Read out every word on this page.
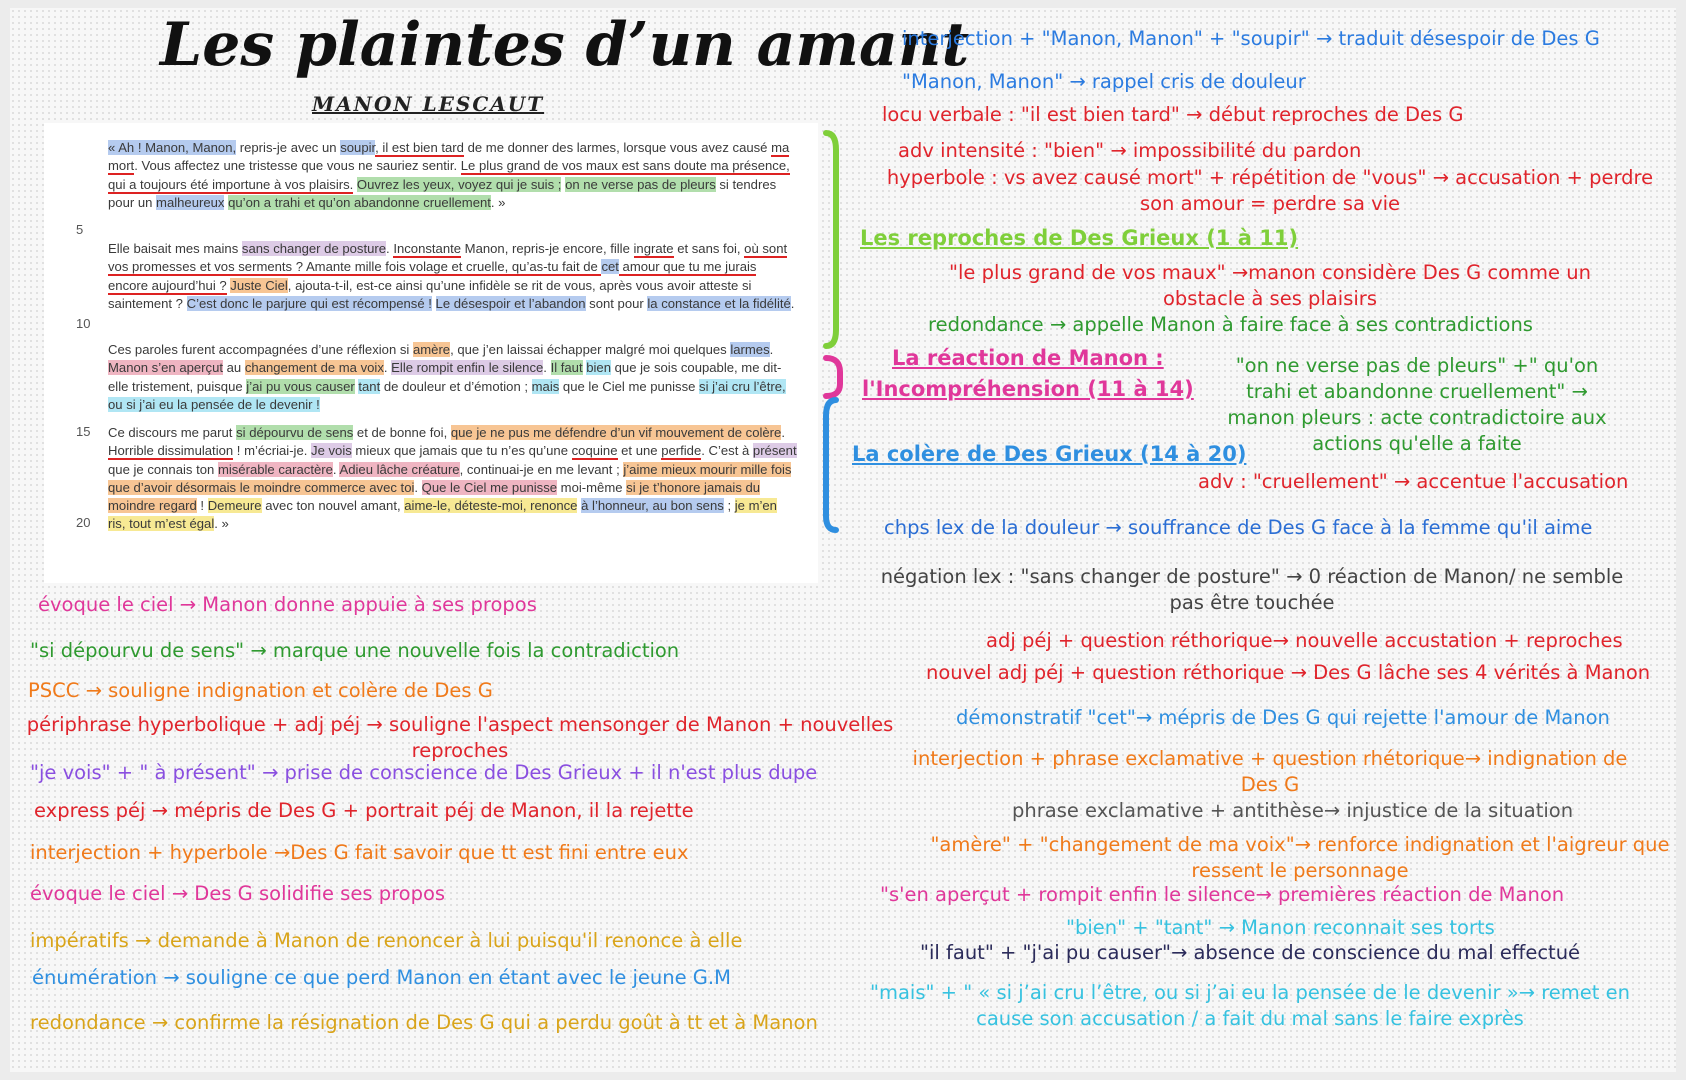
Les plaintes d’un amant
MANON LESCAUT

« Ah ! Manon, Manon, repris-je avec un soupir, il est bien tard de me donner des larmes, lorsque vous avez causé ma mort. Vous affectez une tristesse que vous ne sauriez sentir. Le plus grand de vos maux est sans doute ma présence, qui a toujours été importune à vos plaisirs. Ouvrez les yeux, voyez qui je suis ; on ne verse pas de pleurs si tendres pour un malheureux qu’on a trahi et qu’on abandonne cruellement. »

Elle baisait mes mains sans changer de posture. Inconstante Manon, repris-je encore, fille ingrate et sans foi, où sont vos promesses et vos serments ? Amante mille fois volage et cruelle, qu’as-tu fait de cet amour que tu me jurais encore aujourd’hui ? Juste Ciel, ajouta-t-il, est-ce ainsi qu’une infidèle se rit de vous, après vous avoir atteste si saintement ? C’est donc le parjure qui est récompensé ! Le désespoir et l’abandon sont pour la constance et la fidélité.

Ces paroles furent accompagnées d’une réflexion si amère, que j’en laissai échapper malgré moi quelques larmes. Manon s’en aperçut au changement de ma voix. Elle rompit enfin le silence. Il faut bien que je sois coupable, me dit-elle tristement, puisque j’ai pu vous causer tant de douleur et d’émotion ; mais que le Ciel me punisse si j’ai cru l’être, ou si j’ai eu la pensée de le devenir !

Ce discours me parut si dépourvu de sens et de bonne foi, que je ne pus me défendre d’un vif mouvement de colère. Horrible dissimulation ! m’écriai-je. Je vois mieux que jamais que tu n’es qu’une coquine et une perfide. C’est à présent que je connais ton misérable caractère. Adieu lâche créature, continuai-je en me levant ; j’aime mieux mourir mille fois que d’avoir désormais le moindre commerce avec toi. Que le Ciel me punisse moi-même si je t’honore jamais du moindre regard ! Demeure avec ton nouvel amant, aime-le, déteste-moi, renonce à l’honneur, au bon sens ; je m’en ris, tout m’est égal. »

5
10
15
20

interjection + "Manon, Manon" + "soupir" → traduit désespoir de Des G

"Manon, Manon" → rappel cris de douleur

locu verbale : "il est bien tard" → début reproches de Des G

adv intensité : "bien" → impossibilité du pardon

hyperbole : vs avez causé mort" + répétition de "vous" → accusation + perdre son amour = perdre sa vie

Les reproches de Des Grieux (1 à 11)

"le plus grand de vos maux" →manon considère Des G comme un obstacle à ses plaisirs

redondance → appelle Manon à faire face à ses contradictions

La réaction de Manon :

l'Incompréhension (11 à 14)

"on ne verse pas de pleurs" +" qu'on trahi et abandonne cruellement" → manon pleurs : acte contradictoire aux actions qu'elle a faite

La colère de Des Grieux (14 à 20)

adv : "cruellement" → accentue l'accusation

chps lex de la douleur → souffrance de Des G face à la femme qu'il aime

négation lex : "sans changer de posture" → 0 réaction de Manon/ ne semble pas être touchée

adj péj + question réthorique→ nouvelle accustation + reproches

nouvel adj péj + question réthorique → Des G lâche ses 4 vérités à Manon

démonstratif "cet"→ mépris de Des G qui rejette l'amour de Manon

interjection + phrase exclamative + question rhétorique→ indignation de Des G

phrase exclamative + antithèse→ injustice de la situation

"amère" + "changement de ma voix"→ renforce indignation et l'aigreur que ressent le personnage

"s'en aperçut + rompit enfin le silence→ premières réaction de Manon

"bien" + "tant" → Manon reconnait ses torts

"il faut" + "j'ai pu causer"→ absence de conscience du mal effectué

"mais" + " « si j’ai cru l’être, ou si j’ai eu la pensée de le devenir »→ remet en cause son accusation / a fait du mal sans le faire exprès

évoque le ciel → Manon donne appuie à ses propos

"si dépourvu de sens" → marque une nouvelle fois la contradiction

PSCC → souligne indignation et colère de Des G

périphrase hyperbolique + adj péj → souligne l'aspect mensonger de Manon + nouvelles reproches

"je vois" + " à présent" → prise de conscience de Des Grieux + il n'est plus dupe

express péj → mépris de Des G + portrait péj de Manon, il la rejette

interjection + hyperbole →Des G fait savoir que tt est fini entre eux

évoque le ciel → Des G solidifie ses propos

impératifs → demande à Manon de renoncer à lui puisqu'il renonce à elle

énumération → souligne ce que perd Manon en étant avec le jeune G.M

redondance → confirme la résignation de Des G qui a perdu goût à tt et à Manon
